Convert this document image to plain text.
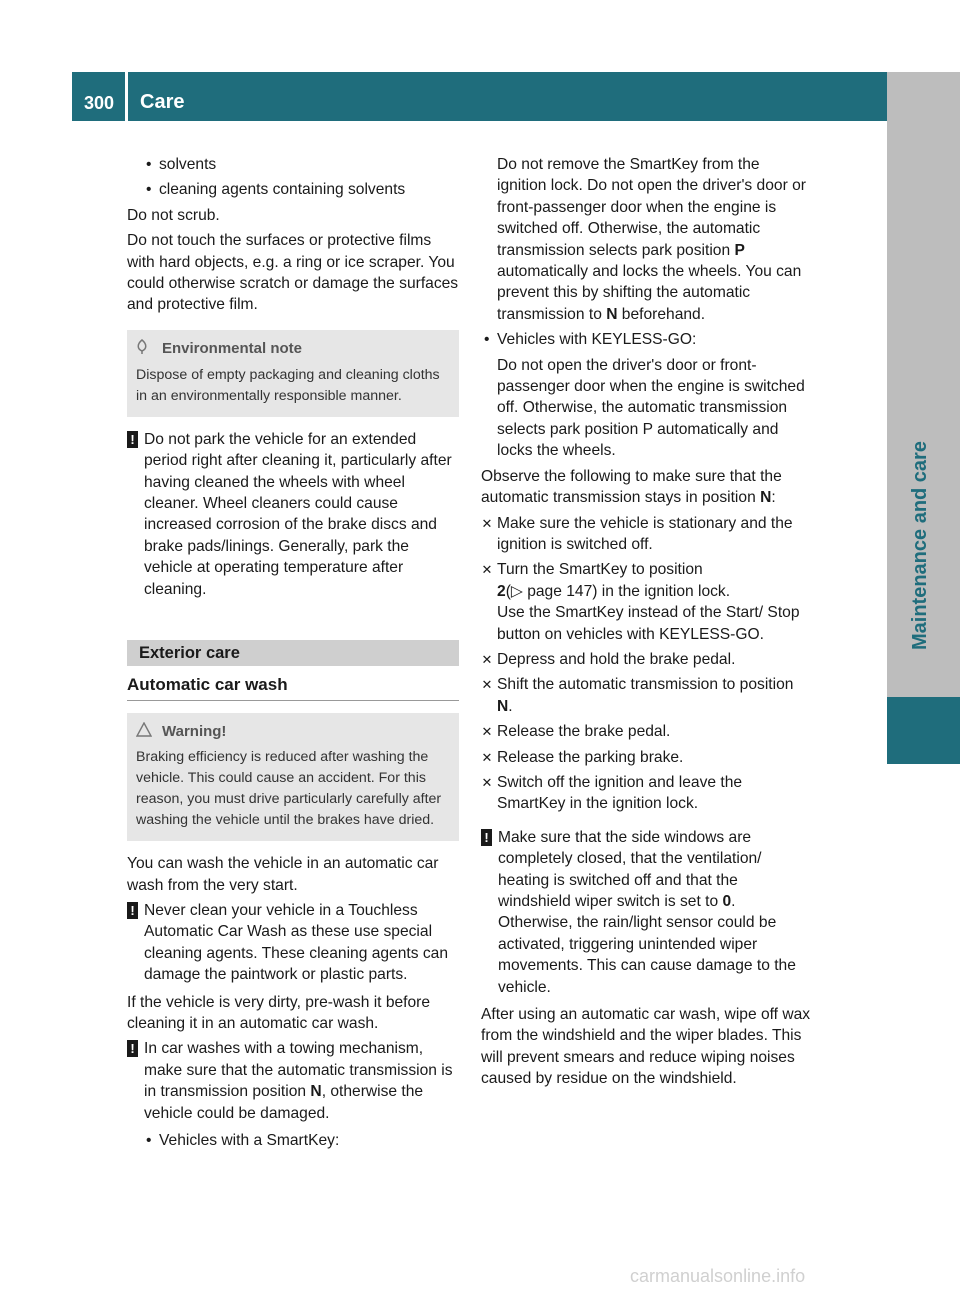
300 Care
Maintenance and care
• solvents
• cleaning agents containing solvents

Do not scrub.

Do not touch the surfaces or protective films with hard objects, e.g. a ring or ice scraper. You could otherwise scratch or damage the surfaces and protective film.

Environmental note
Dispose of empty packaging and cleaning cloths in an environmentally responsible manner.
! Do not park the vehicle for an extended period right after cleaning it, particularly after having cleaned the wheels with wheel cleaner. Wheel cleaners could cause increased corrosion of the brake discs and brake pads/linings. Generally, park the vehicle at operating temperature after cleaning.
Exterior care
Automatic car wash
Warning!
Braking efficiency is reduced after washing the vehicle. This could cause an accident. For this reason, you must drive particularly carefully after washing the vehicle until the brakes have dried.

You can wash the vehicle in an automatic car wash from the very start.

! Never clean your vehicle in a Touchless Automatic Car Wash as these use special cleaning agents. These cleaning agents can damage the paintwork or plastic parts.

If the vehicle is very dirty, pre-wash it before cleaning it in an automatic car wash.

! In car washes with a towing mechanism, make sure that the automatic transmission is in transmission position N, otherwise the vehicle could be damaged.
• Vehicles with a SmartKey:

Do not remove the SmartKey from the ignition lock. Do not open the driver's door or front-passenger door when the engine is switched off. Otherwise, the automatic transmission selects park position P automatically and locks the wheels. You can prevent this by shifting the automatic transmission to N beforehand.

• Vehicles with KEYLESS-GO:

Do not open the driver's door or front-passenger door when the engine is switched off. Otherwise, the automatic transmission selects park position P automatically and locks the wheels.

Observe the following to make sure that the automatic transmission stays in position N:

✕ Make sure the vehicle is stationary and the ignition is switched off.
✕ Turn the SmartKey to position
2(▷ page 147) in the ignition lock.
Use the SmartKey instead of the Start/ Stop button on vehicles with KEYLESS-GO.
✕ Depress and hold the brake pedal.
✕ Shift the automatic transmission to position N.
✕ Release the brake pedal.
✕ Release the parking brake.
✕ Switch off the ignition and leave the SmartKey in the ignition lock.
! Make sure that the side windows are completely closed, that the ventilation/ heating is switched off and that the windshield wiper switch is set to 0. Otherwise, the rain/light sensor could be activated, triggering unintended wiper movements. This can cause damage to the vehicle.

After using an automatic car wash, wipe off wax from the windshield and the wiper blades. This will prevent smears and reduce wiping noises caused by residue on the windshield.

carmanualsonline.info
